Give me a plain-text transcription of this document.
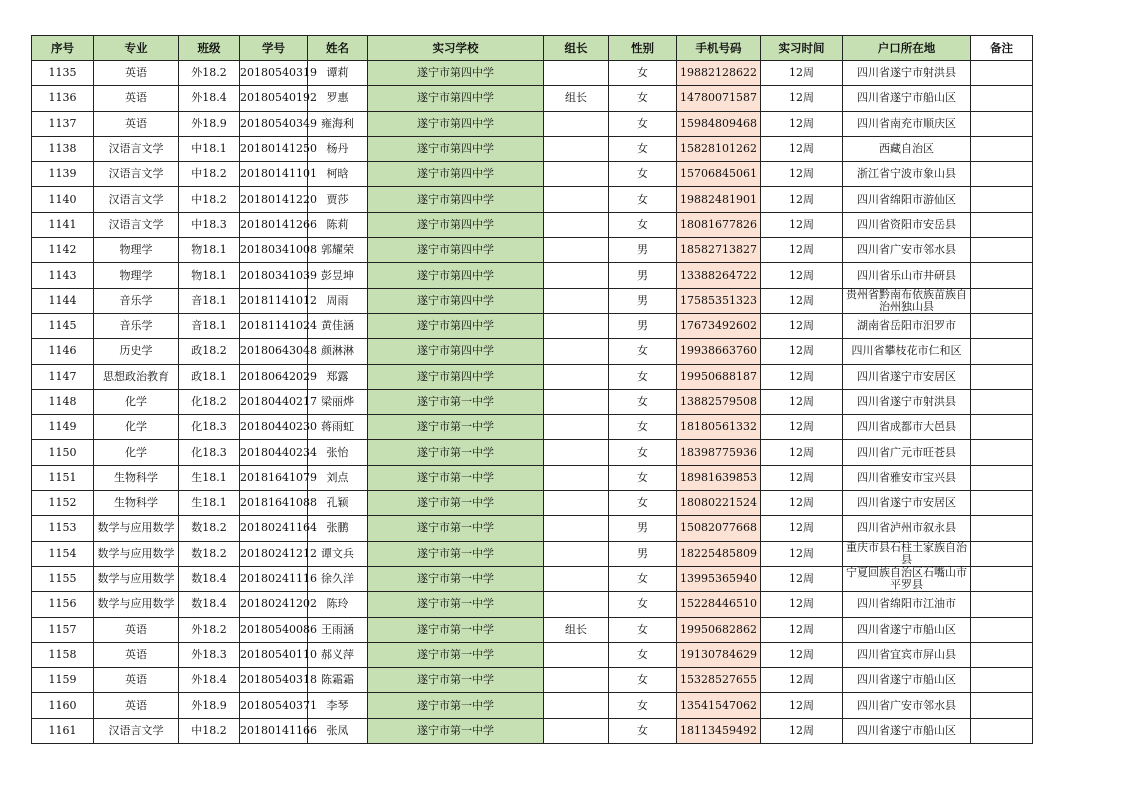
序号	专业	班级	学号	姓名	实习学校	组长	性别	手机号码	实习时间	户口所在地	备注
1135	英语	外18.2	20180540319	谭莉	遂宁市第四中学		女	19882128622	12周	四川省遂宁市射洪县	
1136	英语	外18.4	20180540192	罗惠	遂宁市第四中学	组长	女	14780071587	12周	四川省遂宁市船山区	
1137	英语	外18.9	20180540349	雍海利	遂宁市第四中学		女	15984809468	12周	四川省南充市顺庆区	
1138	汉语言文学	中18.1	20180141250	杨丹	遂宁市第四中学		女	15828101262	12周	西藏自治区	
1139	汉语言文学	中18.2	20180141101	柯晗	遂宁市第四中学		女	15706845061	12周	浙江省宁波市象山县	
1140	汉语言文学	中18.2	20180141220	贾莎	遂宁市第四中学		女	19882481901	12周	四川省绵阳市游仙区	
1141	汉语言文学	中18.3	20180141266	陈莉	遂宁市第四中学		女	18081677826	12周	四川省资阳市安岳县	
1142	物理学	物18.1	20180341008	郭耀荣	遂宁市第四中学		男	18582713827	12周	四川省广安市邻水县	
1143	物理学	物18.1	20180341039	彭昱坤	遂宁市第四中学		男	13388264722	12周	四川省乐山市井研县	
1144	音乐学	音18.1	20181141012	周雨	遂宁市第四中学		男	17585351323	12周	贵州省黔南布依族苗族自治州独山县	
1145	音乐学	音18.1	20181141024	黄佳涵	遂宁市第四中学		男	17673492602	12周	湖南省岳阳市汨罗市	
1146	历史学	政18.2	20180643048	颜淋淋	遂宁市第四中学		女	19938663760	12周	四川省攀枝花市仁和区	
1147	思想政治教育	政18.1	20180642029	郑露	遂宁市第四中学		女	19950688187	12周	四川省遂宁市安居区	
1148	化学	化18.2	20180440217	梁丽烨	遂宁市第一中学		女	13882579508	12周	四川省遂宁市射洪县	
1149	化学	化18.3	20180440230	蒋雨虹	遂宁市第一中学		女	18180561332	12周	四川省成都市大邑县	
1150	化学	化18.3	20180440234	张怡	遂宁市第一中学		女	18398775936	12周	四川省广元市旺苍县	
1151	生物科学	生18.1	20181641079	刘点	遂宁市第一中学		女	18981639853	12周	四川省雅安市宝兴县	
1152	生物科学	生18.1	20181641088	孔颖	遂宁市第一中学		女	18080221524	12周	四川省遂宁市安居区	
1153	数学与应用数学	数18.2	20180241164	张鹏	遂宁市第一中学		男	15082077668	12周	四川省泸州市叙永县	
1154	数学与应用数学	数18.2	20180241212	谭文兵	遂宁市第一中学		男	18225485809	12周	重庆市县石柱土家族自治县	
1155	数学与应用数学	数18.4	20180241116	徐久洋	遂宁市第一中学		女	13995365940	12周	宁夏回族自治区石嘴山市平罗县	
1156	数学与应用数学	数18.4	20180241202	陈玲	遂宁市第一中学		女	15228446510	12周	四川省绵阳市江油市	
1157	英语	外18.2	20180540086	王雨涵	遂宁市第一中学	组长	女	19950682862	12周	四川省遂宁市船山区	
1158	英语	外18.3	20180540110	郝义萍	遂宁市第一中学		女	19130784629	12周	四川省宜宾市屏山县	
1159	英语	外18.4	20180540318	陈霜霜	遂宁市第一中学		女	15328527655	12周	四川省遂宁市船山区	
1160	英语	外18.9	20180540371	李琴	遂宁市第一中学		女	13541547062	12周	四川省广安市邻水县	
1161	汉语言文学	中18.2	20180141166	张凤	遂宁市第一中学		女	18113459492	12周	四川省遂宁市船山区	
